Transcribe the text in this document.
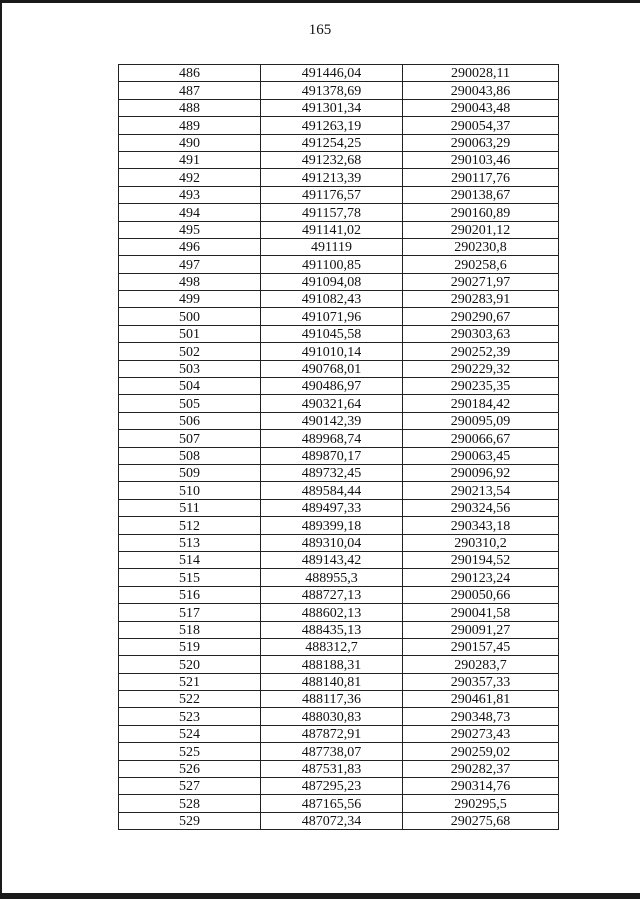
165
486	491446,04	290028,11
487	491378,69	290043,86
488	491301,34	290043,48
489	491263,19	290054,37
490	491254,25	290063,29
491	491232,68	290103,46
492	491213,39	290117,76
493	491176,57	290138,67
494	491157,78	290160,89
495	491141,02	290201,12
496	491119	290230,8
497	491100,85	290258,6
498	491094,08	290271,97
499	491082,43	290283,91
500	491071,96	290290,67
501	491045,58	290303,63
502	491010,14	290252,39
503	490768,01	290229,32
504	490486,97	290235,35
505	490321,64	290184,42
506	490142,39	290095,09
507	489968,74	290066,67
508	489870,17	290063,45
509	489732,45	290096,92
510	489584,44	290213,54
511	489497,33	290324,56
512	489399,18	290343,18
513	489310,04	290310,2
514	489143,42	290194,52
515	488955,3	290123,24
516	488727,13	290050,66
517	488602,13	290041,58
518	488435,13	290091,27
519	488312,7	290157,45
520	488188,31	290283,7
521	488140,81	290357,33
522	488117,36	290461,81
523	488030,83	290348,73
524	487872,91	290273,43
525	487738,07	290259,02
526	487531,83	290282,37
527	487295,23	290314,76
528	487165,56	290295,5
529	487072,34	290275,68
